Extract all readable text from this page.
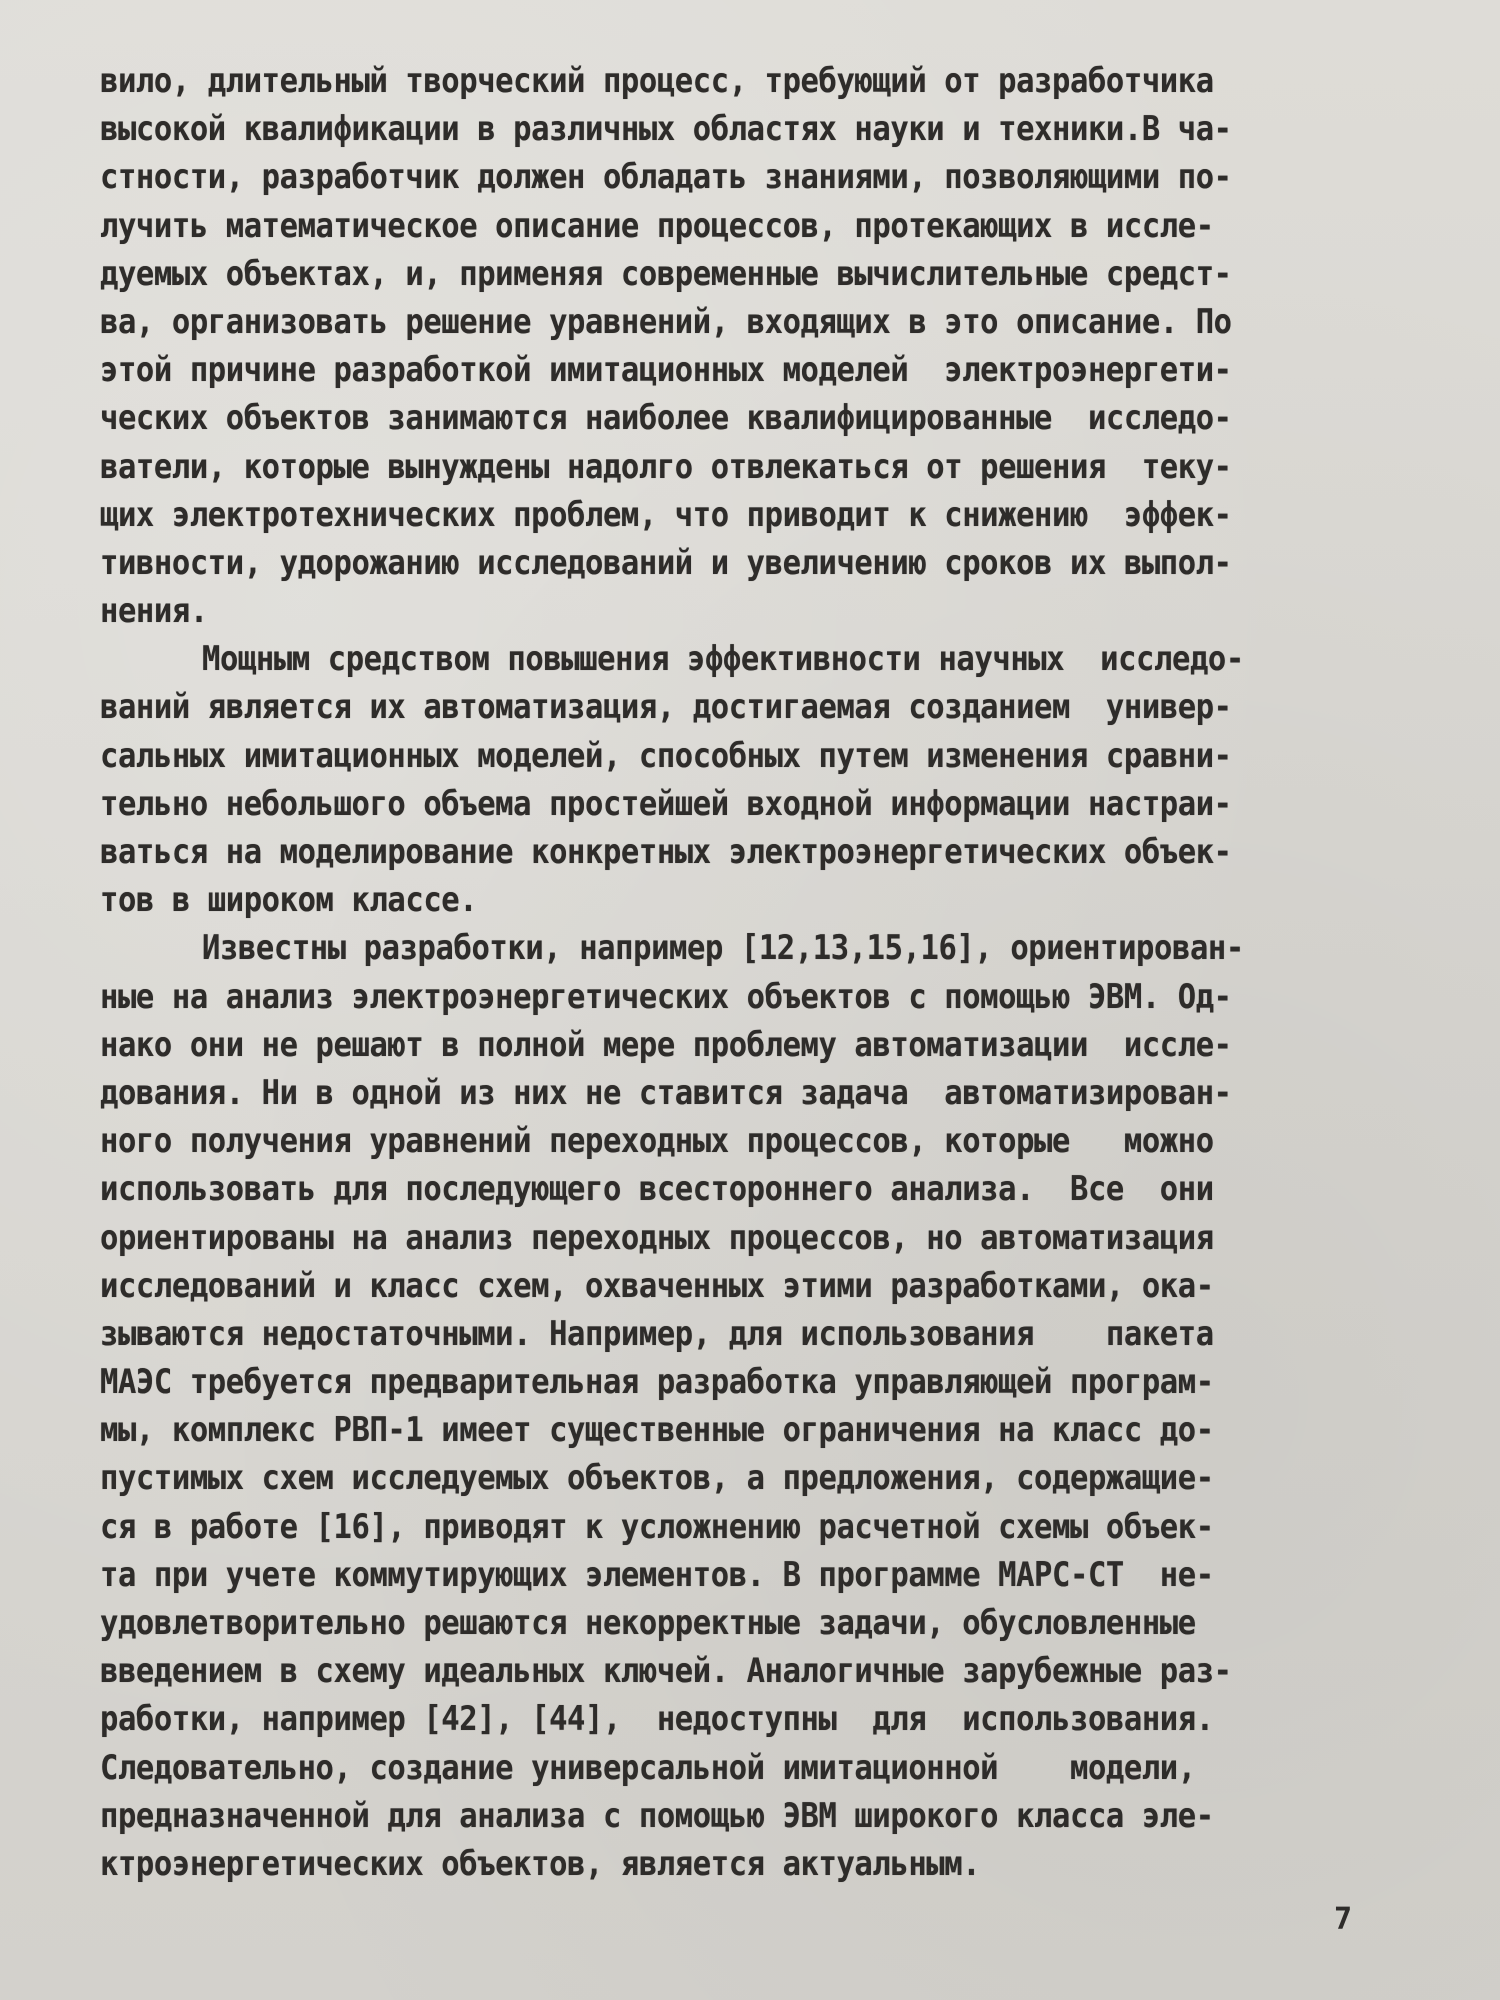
вило, длительный творческий процесс, требующий от разработчика
высокой квалификации в различных областях науки и техники.В ча-
стности, разработчик должен обладать знаниями, позволяющими по-
лучить математическое описание процессов, протекающих в иссле-
дуемых объектах, и, применяя современные вычислительные средст-
ва, организовать решение уравнений, входящих в это описание. По
этой причине разработкой имитационных моделей  электроэнергети-
ческих объектов занимаются наиболее квалифицированные  исследо-
ватели, которые вынуждены надолго отвлекаться от решения  теку-
щих электротехнических проблем, что приводит к снижению  эффек-
тивности, удорожанию исследований и увеличению сроков их выпол-
нения.
Мощным средством повышения эффективности научных  исследо-
ваний является их автоматизация, достигаемая созданием  универ-
сальных имитационных моделей, способных путем изменения сравни-
тельно небольшого объема простейшей входной информации настраи-
ваться на моделирование конкретных электроэнергетических объек-
тов в широком классе.
Известны разработки, например [12,13,15,16], ориентирован-
ные на анализ электроэнергетических объектов с помощью ЭВМ. Од-
нако они не решают в полной мере проблему автоматизации  иссле-
дования. Ни в одной из них не ставится задача  автоматизирован-
ного получения уравнений переходных процессов, которые   можно
использовать для последующего всестороннего анализа.  Все  они
ориентированы на анализ переходных процессов, но автоматизация
исследований и класс схем, охваченных этими разработками, ока-
зываются недостаточными. Например, для использования    пакета
МАЭС требуется предварительная разработка управляющей програм-
мы, комплекс РВП-1 имеет существенные ограничения на класс до-
пустимых схем исследуемых объектов, а предложения, содержащие-
ся в работе [16], приводят к усложнению расчетной схемы объек-
та при учете коммутирующих элементов. В программе МАРС-СТ  не-
удовлетворительно решаются некорректные задачи, обусловленные
введением в схему идеальных ключей. Аналогичные зарубежные раз-
работки, например [42], [44],  недоступны  для  использования.
Следовательно, создание универсальной имитационной    модели,
предназначенной для анализа с помощью ЭВМ широкого класса эле-
ктроэнергетических объектов, является актуальным.
7
